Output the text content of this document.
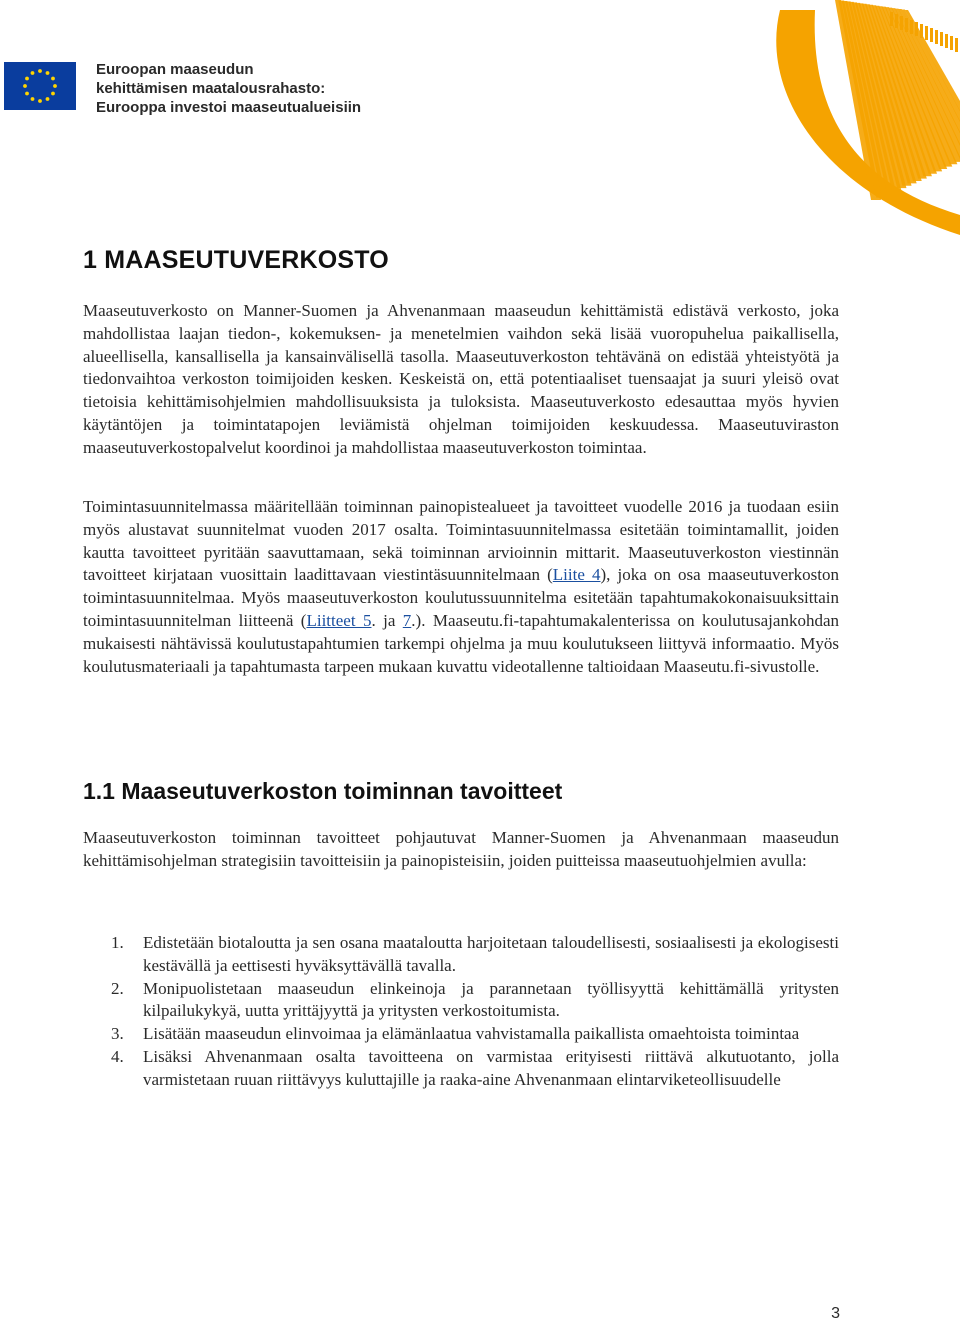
Euroopan maaseudun
kehittämisen maatalousrahasto:
Eurooppa investoi maaseutualueisiin
1 MAASEUTUVERKOSTO

Maaseutuverkosto on Manner-Suomen ja Ahvenanmaan maaseudun kehittämistä edistävä verkosto, joka mahdollistaa laajan tiedon-, kokemuksen- ja menetelmien vaihdon sekä lisää vuoropuhelua paikallisella, alueellisella, kansallisella ja kansainvälisellä tasolla. Maaseutuverkoston tehtävänä on edistää yhteistyötä ja tiedonvaihtoa verkoston toimijoiden kesken. Keskeistä on, että potentiaaliset tuensaajat ja suuri yleisö ovat tietoisia kehittämisohjelmien mahdollisuuksista ja tuloksista. Maaseutuverkosto edesauttaa myös hyvien käytäntöjen ja toimintatapojen leviämistä ohjelman toimijoiden keskuudessa. Maaseutuviraston maaseutuverkostopalvelut koordinoi ja mahdollistaa maaseutuverkoston toimintaa.

Toimintasuunnitelmassa määritellään toiminnan painopistealueet ja tavoitteet vuodelle 2016 ja tuodaan esiin myös alustavat suunnitelmat vuoden 2017 osalta. Toimintasuunnitelmassa esitetään toimintamallit, joiden kautta tavoitteet pyritään saavuttamaan, sekä toiminnan arvioinnin mittarit. Maaseutuverkoston viestinnän tavoitteet kirjataan vuosittain laadittavaan viestintäsuunnitelmaan (Liite 4), joka on osa maaseutuverkoston toimintasuunnitelmaa. Myös maaseutuverkoston koulutussuunnitelma esitetään tapahtumakokonaisuuksittain toimintasuunnitelman liitteenä (Liitteet 5. ja 7.). Maaseutu.fi-tapahtumakalenterissa on koulutusajankohdan mukaisesti nähtävissä koulutustapahtumien tarkempi ohjelma ja muu koulutukseen liittyvä informaatio. Myös koulutusmateriaali ja tapahtumasta tarpeen mukaan kuvattu videotallenne taltioidaan Maaseutu.fi-sivustolle.

1.1 Maaseutuverkoston toiminnan tavoitteet

Maaseutuverkoston toiminnan tavoitteet pohjautuvat Manner-Suomen ja Ahvenanmaan maaseudun kehittämisohjelman strategisiin tavoitteisiin ja painopisteisiin, joiden puitteissa maaseutuohjelmien avulla:

1. Edistetään biotaloutta ja sen osana maataloutta harjoitetaan taloudellisesti, sosiaalisesti ja ekologisesti kestävällä ja eettisesti hyväksyttävällä tavalla.
2. Monipuolistetaan maaseudun elinkeinoja ja parannetaan työllisyyttä kehittämällä yritysten kilpailukykyä, uutta yrittäjyyttä ja yritysten verkostoitumista.
3. Lisätään maaseudun elinvoimaa ja elämänlaatua vahvistamalla paikallista omaehtoista toimintaa
4. Lisäksi Ahvenanmaan osalta tavoitteena on varmistaa erityisesti riittävä alkutuotanto, jolla varmistetaan ruuan riittävyys kuluttajille ja raaka-aine Ahvenanmaan elintarviketeollisuudelle
3
